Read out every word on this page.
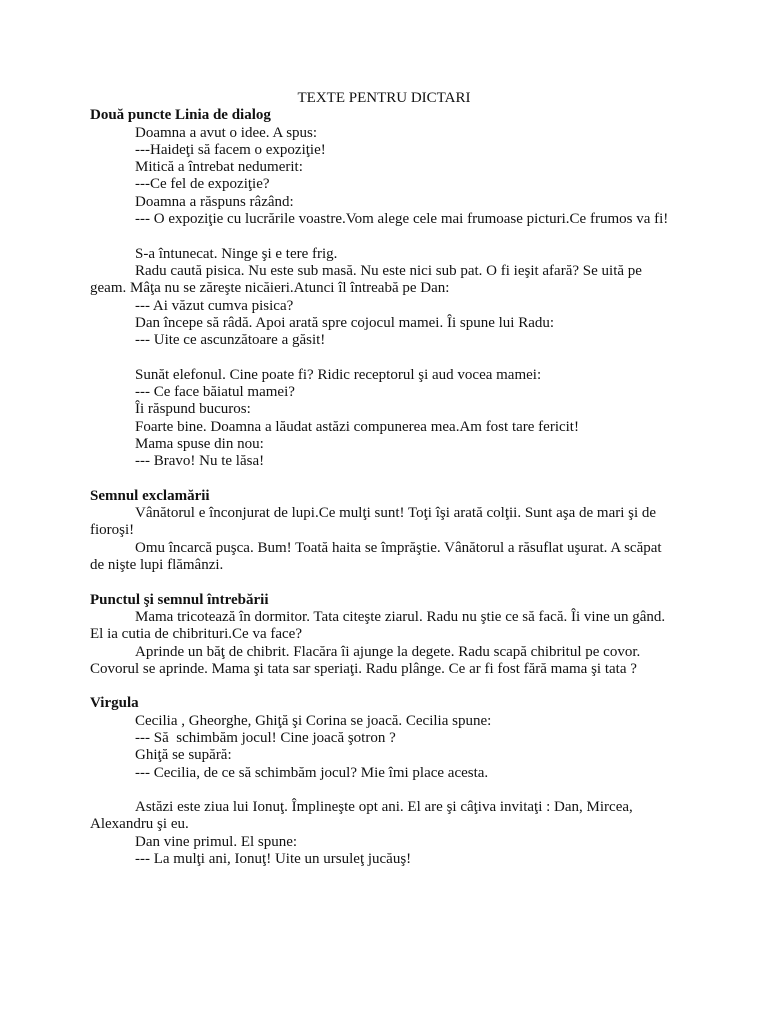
TEXTE PENTRU DICTARI
Două puncte Linia de dialog
Doamna a avut o idee. A spus:
---Haideţi să facem o expoziţie!
Mitică a întrebat nedumerit:
---Ce fel de expoziţie?
Doamna a răspuns râzând:
--- O expoziţie cu lucrările voastre.Vom alege cele mai frumoase picturi.Ce frumos va fi!
S-a întunecat. Ninge şi e tere frig.
Radu caută pisica. Nu este sub masă. Nu este nici sub pat. O fi ieşit afară? Se uită pe
geam. Mâţa nu se zăreşte nicăieri.Atunci îl întreabă pe Dan:
--- Ai văzut cumva pisica?
Dan începe să râdă. Apoi arată spre cojocul mamei. Îi spune lui Radu:
--- Uite ce ascunzătoare a găsit!
Sunăt elefonul. Cine poate fi? Ridic receptorul şi aud vocea mamei:
--- Ce face băiatul mamei?
Îi răspund bucuros:
Foarte bine. Doamna a lăudat astăzi compunerea mea.Am fost tare fericit!
Mama spuse din nou:
--- Bravo! Nu te lăsa!
Semnul exclamării
Vânătorul e înconjurat de lupi.Ce mulţi sunt! Toţi îşi arată colţii. Sunt aşa de mari şi de
fioroşi!
Omu încarcă puşca. Bum! Toată haita se împrăştie. Vânătorul a răsuflat uşurat. A scăpat
de nişte lupi flămânzi.
Punctul şi semnul întrebării
Mama tricotează în dormitor. Tata citeşte ziarul. Radu nu ştie ce să facă. Îi vine un gând.
El ia cutia de chibrituri.Ce va face?
Aprinde un băţ de chibrit. Flacăra îi ajunge la degete. Radu scapă chibritul pe covor.
Covorul se aprinde. Mama şi tata sar speriaţi. Radu plânge. Ce ar fi fost fără mama şi tata ?
Virgula
Cecilia , Gheorghe, Ghiţă şi Corina se joacă. Cecilia spune:
--- Să  schimbăm jocul! Cine joacă şotron ?
Ghiţă se supără:
--- Cecilia, de ce să schimbăm jocul? Mie îmi place acesta.
Astăzi este ziua lui Ionuţ. Împlineşte opt ani. El are şi câţiva invitaţi : Dan, Mircea,
Alexandru şi eu.
Dan vine primul. El spune:
--- La mulţi ani, Ionuţ! Uite un ursuleţ jucăuş!
